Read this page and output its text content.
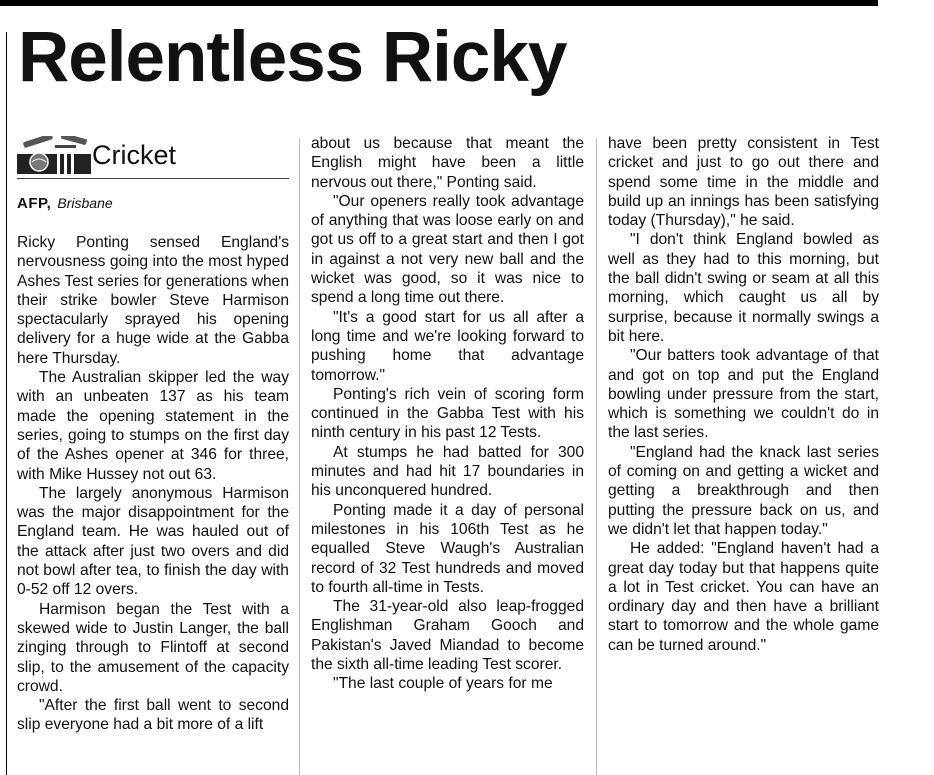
Relentless Ricky
Cricket
AFP, Brisbane

Ricky Ponting sensed England's nervousness going into the most hyped Ashes Test series for generations when their strike bowler Steve Harmison spectacularly sprayed his opening delivery for a huge wide at the Gabba here Thursday.

The Australian skipper led the way with an unbeaten 137 as his team made the opening statement in the series, going to stumps on the first day of the Ashes opener at 346 for three, with Mike Hussey not out 63.

The largely anonymous Harmison was the major disappointment for the England team. He was hauled out of the attack after just two overs and did not bowl after tea, to finish the day with 0-52 off 12 overs.

Harmison began the Test with a skewed wide to Justin Langer, the ball zinging through to Flintoff at second slip, to the amusement of the capacity crowd.

"After the first ball went to second slip everyone had a bit more of a lift

about us because that meant the English might have been a little nervous out there," Ponting said.

"Our openers really took advantage of anything that was loose early on and got us off to a great start and then I got in against a not very new ball and the wicket was good, so it was nice to spend a long time out there.

"It's a good start for us all after a long time and we're looking forward to pushing home that advantage tomorrow."

Ponting's rich vein of scoring form continued in the Gabba Test with his ninth century in his past 12 Tests.

At stumps he had batted for 300 minutes and had hit 17 boundaries in his unconquered hundred.

Ponting made it a day of personal milestones in his 106th Test as he equalled Steve Waugh's Australian record of 32 Test hundreds and moved to fourth all-time in Tests.

The 31-year-old also leap-frogged Englishman Graham Gooch and Pakistan's Javed Miandad to become the sixth all-time leading Test scorer.

"The last couple of years for me

have been pretty consistent in Test cricket and just to go out there and spend some time in the middle and build up an innings has been satisfying today (Thursday)," he said.

"I don't think England bowled as well as they had to this morning, but the ball didn't swing or seam at all this morning, which caught us all by surprise, because it normally swings a bit here.

"Our batters took advantage of that and got on top and put the England bowling under pressure from the start, which is something we couldn't do in the last series.

"England had the knack last series of coming on and getting a wicket and getting a breakthrough and then putting the pressure back on us, and we didn't let that happen today."

He added: "England haven't had a great day today but that happens quite a lot in Test cricket. You can have an ordinary day and then have a brilliant start to tomorrow and the whole game can be turned around."
